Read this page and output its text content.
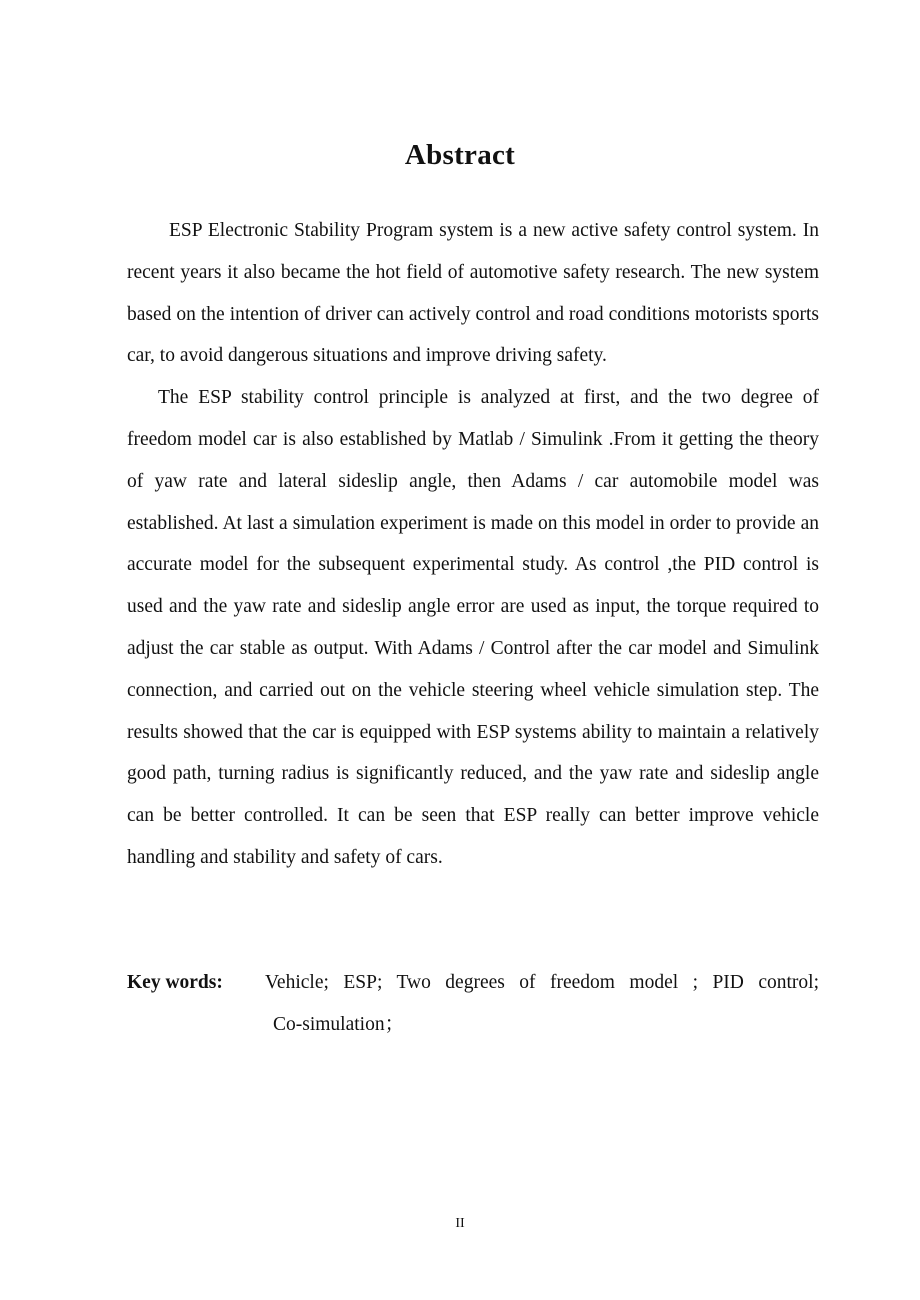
Abstract

ESP Electronic Stability Program system is a new active safety control system. In recent years it also became the hot field of automotive safety research. The new system based on the intention of driver can actively control and road conditions motorists sports car, to avoid dangerous situations and improve driving safety.

The ESP stability control principle is analyzed at first, and the two degree of freedom model car is also established by Matlab / Simulink .From it getting the theory of yaw rate and lateral sideslip angle, then Adams / car automobile model was established. At last a simulation experiment is made on this model in order to provide an accurate model for the subsequent experimental study. As control ,the PID control is used and the yaw rate and sideslip angle error are used as input, the torque required to adjust the car stable as output. With Adams / Control after the car model and Simulink connection, and carried out on the vehicle steering wheel vehicle simulation step. The results showed that the car is equipped with ESP systems ability to maintain a relatively good path, turning radius is significantly reduced, and the yaw rate and sideslip angle can be better controlled. It can be seen that ESP really can better improve vehicle handling and stability and safety of cars.

Key words: Vehicle; ESP; Two degrees of freedom model ; PID control;
Co-simulation；
II
